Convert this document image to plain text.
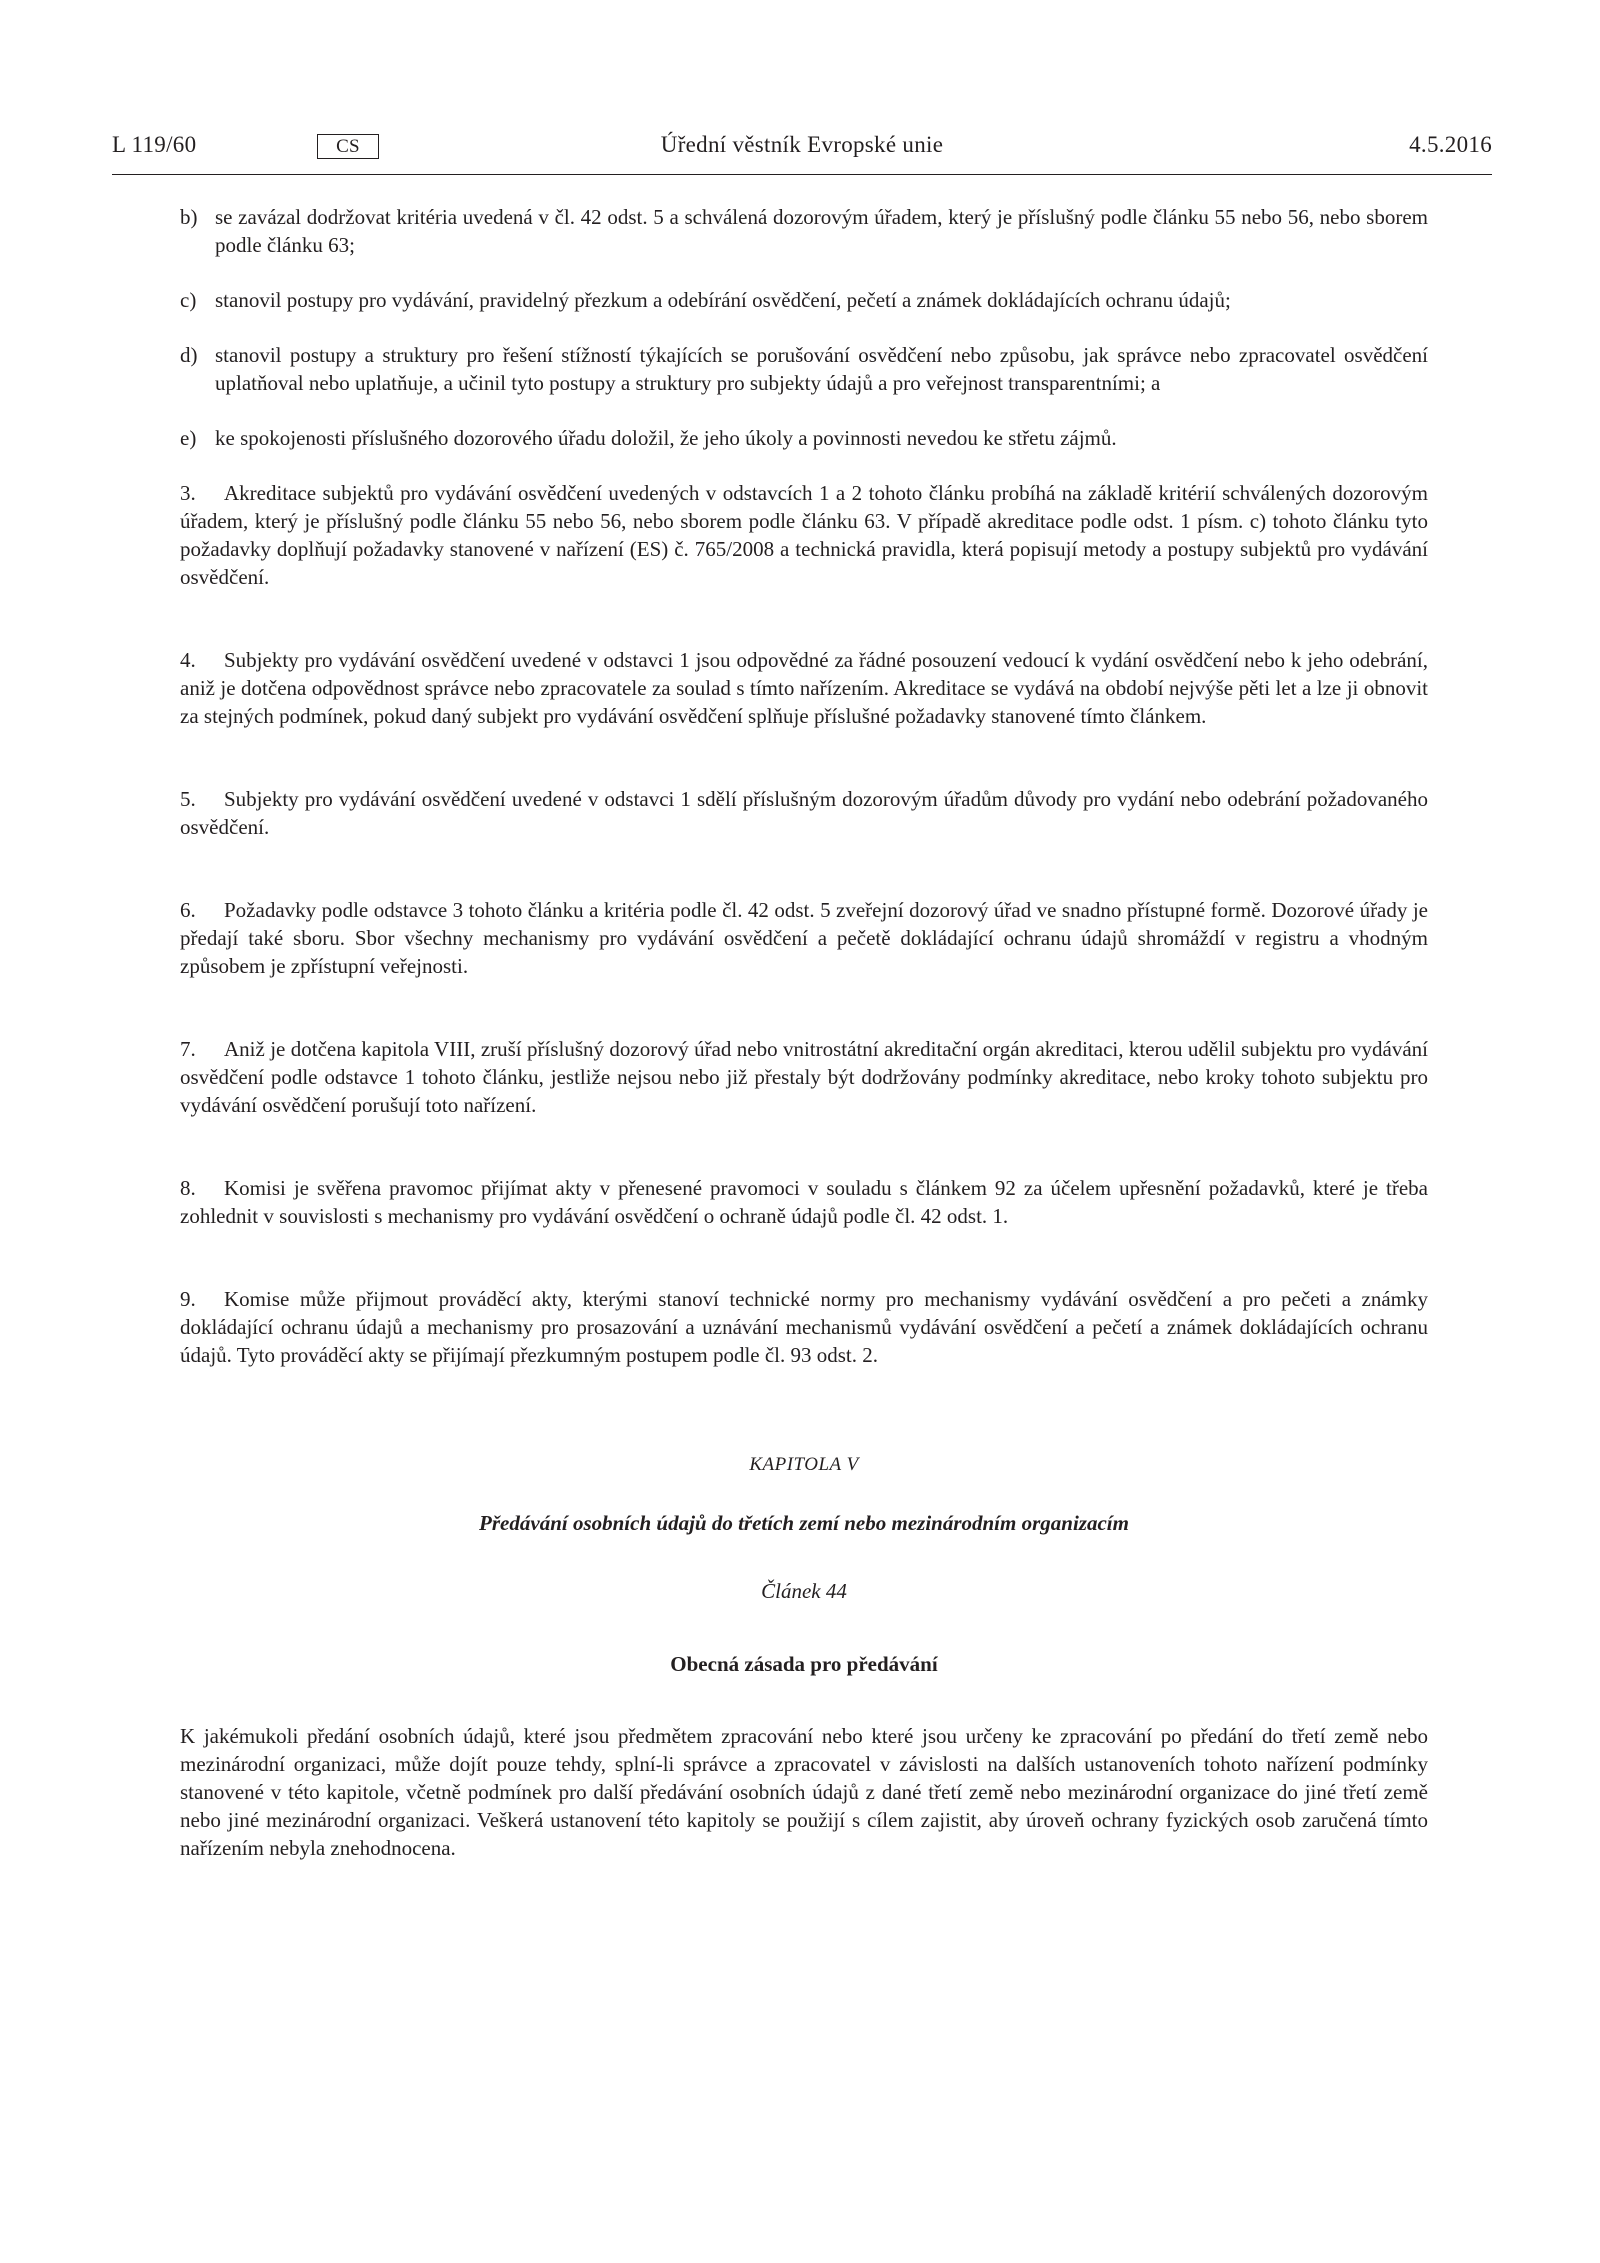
L 119/60	CS	Úřední věstník Evropské unie	4.5.2016
b) se zavázal dodržovat kritéria uvedená v čl. 42 odst. 5 a schválená dozorovým úřadem, který je příslušný podle článku 55 nebo 56, nebo sborem podle článku 63;
c) stanovil postupy pro vydávání, pravidelný přezkum a odebírání osvědčení, pečetí a známek dokládajících ochranu údajů;
d) stanovil postupy a struktury pro řešení stížností týkajících se porušování osvědčení nebo způsobu, jak správce nebo zpracovatel osvědčení uplatňoval nebo uplatňuje, a učinil tyto postupy a struktury pro subjekty údajů a pro veřejnost transparentními; a
e) ke spokojenosti příslušného dozorového úřadu doložil, že jeho úkoly a povinnosti nevedou ke střetu zájmů.

3. Akreditace subjektů pro vydávání osvědčení uvedených v odstavcích 1 a 2 tohoto článku probíhá na základě kritérií schválených dozorovým úřadem, který je příslušný podle článku 55 nebo 56, nebo sborem podle článku 63. V případě akreditace podle odst. 1 písm. c) tohoto článku tyto požadavky doplňují požadavky stanovené v nařízení (ES) č. 765/2008 a technická pravidla, která popisují metody a postupy subjektů pro vydávání osvědčení.

4. Subjekty pro vydávání osvědčení uvedené v odstavci 1 jsou odpovědné za řádné posouzení vedoucí k vydání osvědčení nebo k jeho odebrání, aniž je dotčena odpovědnost správce nebo zpracovatele za soulad s tímto nařízením. Akreditace se vydává na období nejvýše pěti let a lze ji obnovit za stejných podmínek, pokud daný subjekt pro vydávání osvědčení splňuje příslušné požadavky stanovené tímto článkem.

5. Subjekty pro vydávání osvědčení uvedené v odstavci 1 sdělí příslušným dozorovým úřadům důvody pro vydání nebo odebrání požadovaného osvědčení.

6. Požadavky podle odstavce 3 tohoto článku a kritéria podle čl. 42 odst. 5 zveřejní dozorový úřad ve snadno přístupné formě. Dozorové úřady je předají také sboru. Sbor všechny mechanismy pro vydávání osvědčení a pečetě dokládající ochranu údajů shromáždí v registru a vhodným způsobem je zpřístupní veřejnosti.

7. Aniž je dotčena kapitola VIII, zruší příslušný dozorový úřad nebo vnitrostátní akreditační orgán akreditaci, kterou udělil subjektu pro vydávání osvědčení podle odstavce 1 tohoto článku, jestliže nejsou nebo již přestaly být dodržovány podmínky akreditace, nebo kroky tohoto subjektu pro vydávání osvědčení porušují toto nařízení.

8. Komisi je svěřena pravomoc přijímat akty v přenesené pravomoci v souladu s článkem 92 za účelem upřesnění požadavků, které je třeba zohlednit v souvislosti s mechanismy pro vydávání osvědčení o ochraně údajů podle čl. 42 odst. 1.

9. Komise může přijmout prováděcí akty, kterými stanoví technické normy pro mechanismy vydávání osvědčení a pro pečeti a známky dokládající ochranu údajů a mechanismy pro prosazování a uznávání mechanismů vydávání osvědčení a pečetí a známek dokládajících ochranu údajů. Tyto prováděcí akty se přijímají přezkumným postupem podle čl. 93 odst. 2.

KAPITOLA V
Předávání osobních údajů do třetích zemí nebo mezinárodním organizacím
Článek 44
Obecná zásada pro předávání

K jakémukoli předání osobních údajů, které jsou předmětem zpracování nebo které jsou určeny ke zpracování po předání do třetí země nebo mezinárodní organizaci, může dojít pouze tehdy, splní-li správce a zpracovatel v závislosti na dalších ustanoveních tohoto nařízení podmínky stanovené v této kapitole, včetně podmínek pro další předávání osobních údajů z dané třetí země nebo mezinárodní organizace do jiné třetí země nebo jiné mezinárodní organizaci. Veškerá ustanovení této kapitoly se použijí s cílem zajistit, aby úroveň ochrany fyzických osob zaručená tímto nařízením nebyla znehodnocena.
